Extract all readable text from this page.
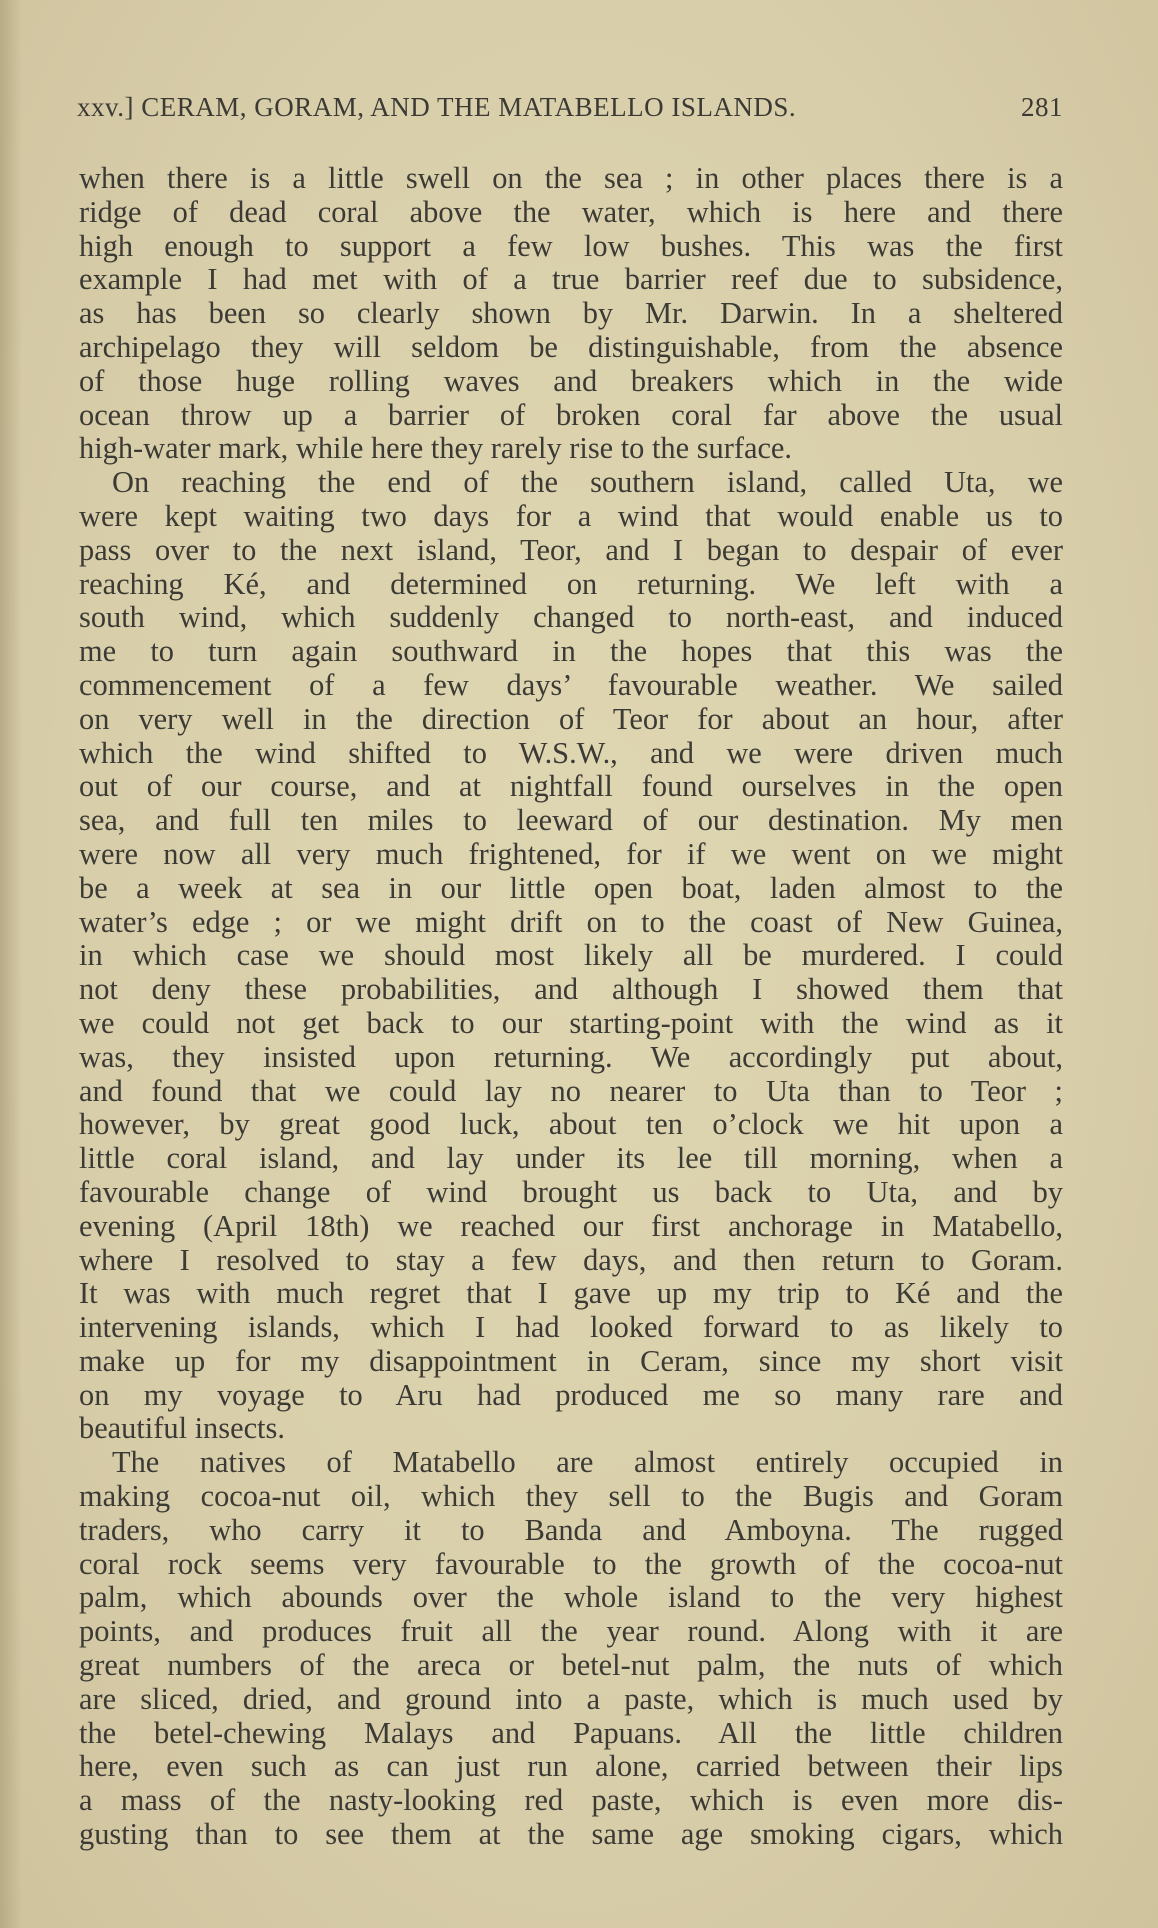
xxv.] CERAM, GORAM, AND THE MATABELLO ISLANDS.	281
when there is a little swell on the sea ; in other places there is a
ridge of dead coral above the water, which is here and there
high enough to support a few low bushes. This was the first
example I had met with of a true barrier reef due to subsidence,
as has been so clearly shown by Mr. Darwin. In a sheltered
archipelago they will seldom be distinguishable, from the absence
of those huge rolling waves and breakers which in the wide
ocean throw up a barrier of broken coral far above the usual
high-water mark, while here they rarely rise to the surface.
On reaching the end of the southern island, called Uta, we
were kept waiting two days for a wind that would enable us to
pass over to the next island, Teor, and I began to despair of ever
reaching Ké, and determined on returning. We left with a
south wind, which suddenly changed to north-east, and induced
me to turn again southward in the hopes that this was the
commencement of a few days’ favourable weather. We sailed
on very well in the direction of Teor for about an hour, after
which the wind shifted to W.S.W., and we were driven much
out of our course, and at nightfall found ourselves in the open
sea, and full ten miles to leeward of our destination. My men
were now all very much frightened, for if we went on we might
be a week at sea in our little open boat, laden almost to the
water’s edge ; or we might drift on to the coast of New Guinea,
in which case we should most likely all be murdered. I could
not deny these probabilities, and although I showed them that
we could not get back to our starting-point with the wind as it
was, they insisted upon returning. We accordingly put about,
and found that we could lay no nearer to Uta than to Teor ;
however, by great good luck, about ten o’clock we hit upon a
little coral island, and lay under its lee till morning, when a
favourable change of wind brought us back to Uta, and by
evening (April 18th) we reached our first anchorage in Matabello,
where I resolved to stay a few days, and then return to Goram.
It was with much regret that I gave up my trip to Ké and the
intervening islands, which I had looked forward to as likely to
make up for my disappointment in Ceram, since my short visit
on my voyage to Aru had produced me so many rare and
beautiful insects.
The natives of Matabello are almost entirely occupied in
making cocoa-nut oil, which they sell to the Bugis and Goram
traders, who carry it to Banda and Amboyna. The rugged
coral rock seems very favourable to the growth of the cocoa-nut
palm, which abounds over the whole island to the very highest
points, and produces fruit all the year round. Along with it are
great numbers of the areca or betel-nut palm, the nuts of which
are sliced, dried, and ground into a paste, which is much used by
the betel-chewing Malays and Papuans. All the little children
here, even such as can just run alone, carried between their lips
a mass of the nasty-looking red paste, which is even more dis-
gusting than to see them at the same age smoking cigars, which
